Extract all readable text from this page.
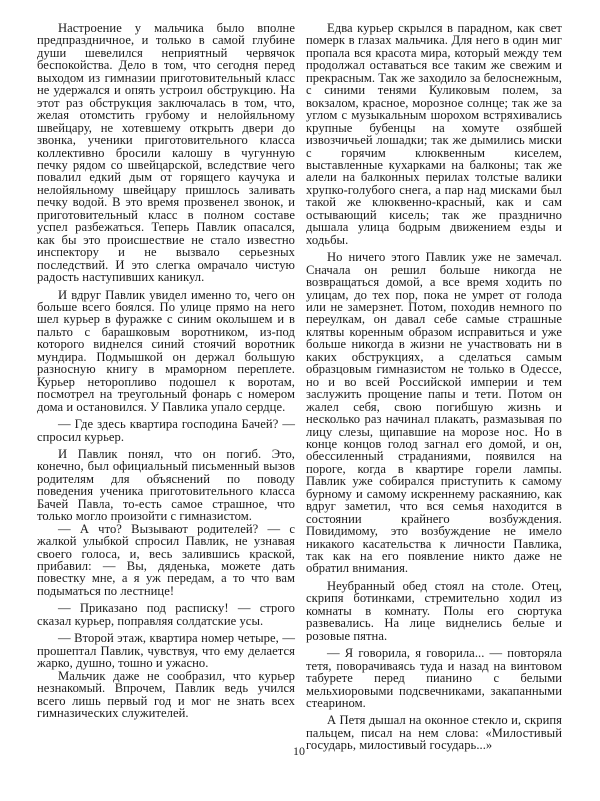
Настроение у мальчика было вполне предпраздничное, и только в самой глубине души шевелился неприятный червячок беспокойства. Дело в том, что сегодня перед выходом из гимназии приготовительный класс не удержался и опять устроил обструкцию. На этот раз обструкция заключалась в том, что, желая отомстить грубому и нелойяльному швейцару, не хотевшему открыть двери до звонка, ученики приготовительного класса коллективно бросили калошу в чугунную печку рядом со швейцарской, вследствие чего повалил едкий дым от горящего каучука и нелойяльному швейцару пришлось заливать печку водой. В это время прозвенел звонок, и приготовительный класс в полном составе успел разбежаться. Теперь Павлик опасался, как бы это происшествие не стало известно инспектору и не вызвало серьезных последствий. И это слегка омрачало чистую радость наступивших каникул.

И вдруг Павлик увидел именно то, чего он больше всего боялся. По улице прямо на него шел курьер в фуражке с синим околышем и в пальто с барашковым воротником, из-под которого виднелся синий стоячий воротник мундира. Подмышкой он держал большую разносную книгу в мраморном переплете. Курьер неторопливо подошел к воротам, посмотрел на треугольный фонарь с номером дома и остановился. У Павлика упало сердце.

— Где здесь квартира господина Бачей? — спросил курьер.

И Павлик понял, что он погиб. Это, конечно, был официальный письменный вызов родителям для объяснений по поводу поведения ученика приготовительного класса Бачей Павла, то-есть самое страшное, что только могло произойти с гимназистом.

— А что? Вызывают родителей? — с жалкой улыбкой спросил Павлик, не узнавая своего голоса, и, весь залившись краской, прибавил: — Вы, дяденька, можете дать повестку мне, а я уж передам, а то что вам подыматься по лестнице!

— Приказано под расписку! — строго сказал курьер, поправляя солдатские усы.

— Второй этаж, квартира номер четыре, — прошептал Павлик, чувствуя, что ему делается жарко, душно, тошно и ужасно.

Мальчик даже не сообразил, что курьер незнакомый. Впрочем, Павлик ведь учился всего лишь первый год и мог не знать всех гимназических служителей.

Едва курьер скрылся в парадном, как свет померк в глазах мальчика. Для него в один миг пропала вся красота мира, который между тем продолжал оставаться все таким же свежим и прекрасным. Так же заходило за белоснежным, с синими тенями Куликовым полем, за вокзалом, красное, морозное солнце; так же за углом с музыкальным шорохом встряхивались крупные бубенцы на хомуте озябшей извозчичьей лошадки; так же дымились миски с горячим клюквенным киселем, выставленные кухарками на балконы; так же алели на балконных перилах толстые валики хрупко-голубого снега, а пар над мисками был такой же клюквенно-красный, как и сам остывающий кисель; так же празднично дышала улица бодрым движением езды и ходьбы.

Но ничего этого Павлик уже не замечал. Сначала он решил больше никогда не возвращаться домой, а все время ходить по улицам, до тех пор, пока не умрет от голода или не замерзнет. Потом, походив немного по переулкам, он давал себе самые страшные клятвы коренным образом исправиться и уже больше никогда в жизни не участвовать ни в каких обструкциях, а сделаться самым образцовым гимназистом не только в Одессе, но и во всей Российской империи и тем заслужить прощение папы и тети. Потом он жалел себя, свою погибшую жизнь и несколько раз начинал плакать, размазывая по лицу слезы, щипавшие на морозе нос. Но в конце концов голод загнал его домой, и он, обессиленный страданиями, появился на пороге, когда в квартире горели лампы. Павлик уже собирался приступить к самому бурному и самому искреннему раскаянию, как вдруг заметил, что вся семья находится в состоянии крайнего возбуждения. Повидимому, это возбуждение не имело никакого касательства к личности Павлика, так как на его появление никто даже не обратил внимания.

Неубранный обед стоял на столе. Отец, скрипя ботинками, стремительно ходил из комнаты в комнату. Полы его сюртука развевались. На лице виднелись белые и розовые пятна.

— Я говорила, я говорила... — повторяла тетя, поворачиваясь туда и назад на винтовом табурете перед пианино с белыми мельхиоровыми подсвечниками, закапанными стеарином.

А Петя дышал на оконное стекло и, скрипя пальцем, писал на нем слова: «Милостивый государь, милостивый государь...»

10
